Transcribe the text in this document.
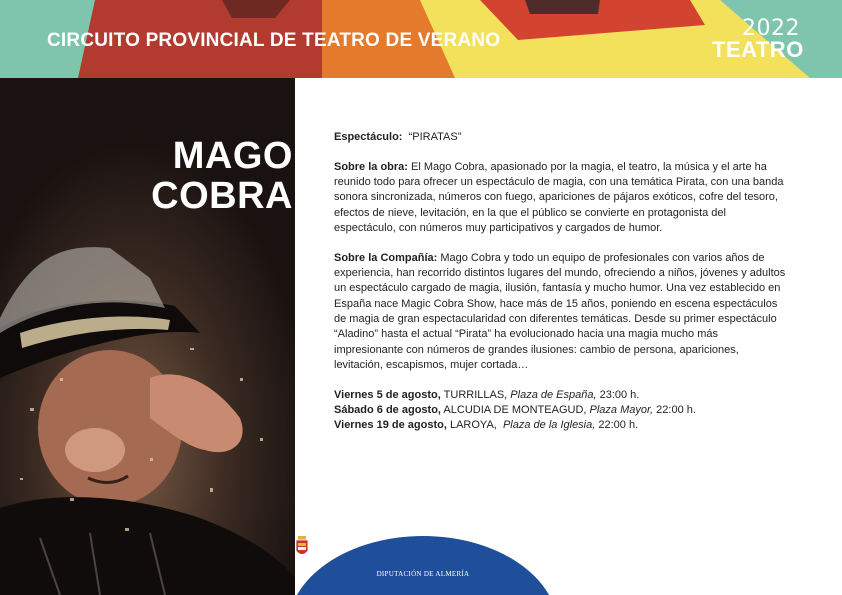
CIRCUITO PROVINCIAL DE TEATRO DE VERANO	2022
TEATRO
MAGO
COBRA

Espectáculo: “PIRATAS”

Sobre la obra: El Mago Cobra, apasionado por la magia, el teatro, la música y el arte ha reunido todo para ofrecer un espectáculo de magia, con una temática Pirata, con una banda sonora sincronizada, números con fuego, apariciones de pájaros exóticos, cofre del tesoro, efectos de nieve, levitación, en la que el público se convierte en protagonista del espectáculo, con números muy participativos y cargados de humor.

Sobre la Compañía: Mago Cobra y todo un equipo de profesionales con varios años de experiencia, han recorrido distintos lugares del mundo, ofreciendo a niños, jóvenes y adultos un espectáculo cargado de magia, ilusión, fantasía y mucho humor. Una vez establecido en España nace Magic Cobra Show, hace más de 15 años, poniendo en escena espectáculos de magia de gran espectacularidad con diferentes temáticas. Desde su primer espectáculo “Aladino” hasta el actual “Pirata” ha evolucionado hacia una magia mucho más impresionante con números de grandes ilusiones: cambio de persona, apariciones, levitación, escapismos, mujer cortada…

Viernes 5 de agosto, TURRILLAS, Plaza de España, 23:00 h.
Sábado 6 de agosto, ALCUDIA DE MONTEAGUD, Plaza Mayor, 22:00 h.
Viernes 19 de agosto, LAROYA, Plaza de la Iglesia, 22:00 h.
DIPUTACIÓN DE ALMERÍA
